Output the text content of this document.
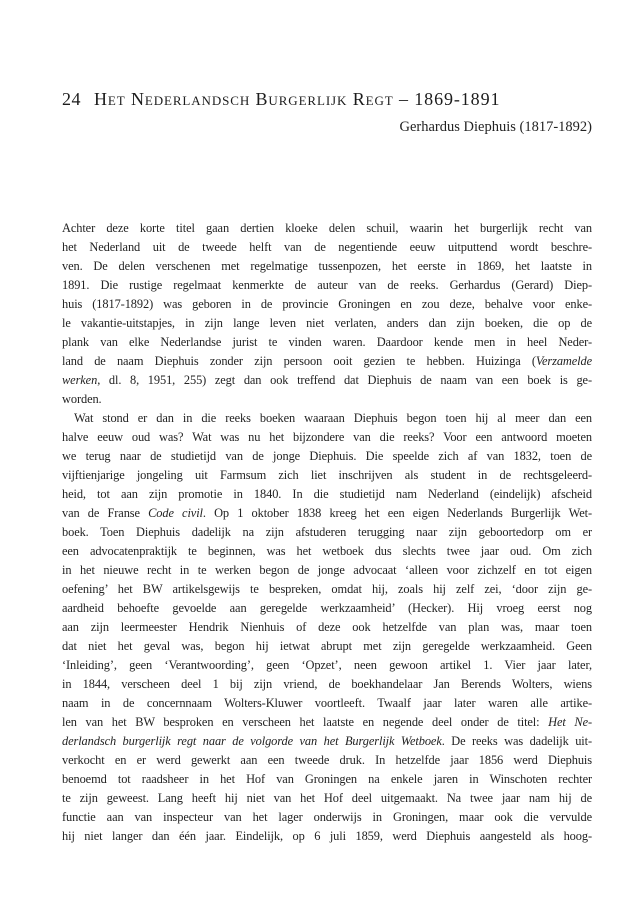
24 Het Nederlandsch Burgerlijk Regt – 1869-1891
Gerhardus Diephuis (1817-1892)
Achter deze korte titel gaan dertien kloeke delen schuil, waarin het burgerlijk recht van
het Nederland uit de tweede helft van de negentiende eeuw uitputtend wordt beschre-
ven. De delen verschenen met regelmatige tussenpozen, het eerste in 1869, het laatste in
1891. Die rustige regelmaat kenmerkte de auteur van de reeks. Gerhardus (Gerard) Diep-
huis (1817-1892) was geboren in de provincie Groningen en zou deze, behalve voor enke-
le vakantie-uitstapjes, in zijn lange leven niet verlaten, anders dan zijn boeken, die op de
plank van elke Nederlandse jurist te vinden waren. Daardoor kende men in heel Neder-
land de naam Diephuis zonder zijn persoon ooit gezien te hebben. Huizinga (Verzamelde
werken, dl. 8, 1951, 255) zegt dan ook treffend dat Diephuis de naam van een boek is ge-
worden.
Wat stond er dan in die reeks boeken waaraan Diephuis begon toen hij al meer dan een
halve eeuw oud was? Wat was nu het bijzondere van die reeks? Voor een antwoord moeten
we terug naar de studietijd van de jonge Diephuis. Die speelde zich af van 1832, toen de
vijftienjarige jongeling uit Farmsum zich liet inschrijven als student in de rechtsgeleerd-
heid, tot aan zijn promotie in 1840. In die studietijd nam Nederland (eindelijk) afscheid
van de Franse Code civil. Op 1 oktober 1838 kreeg het een eigen Nederlands Burgerlijk Wet-
boek. Toen Diephuis dadelijk na zijn afstuderen terugging naar zijn geboortedorp om er
een advocatenpraktijk te beginnen, was het wetboek dus slechts twee jaar oud. Om zich
in het nieuwe recht in te werken begon de jonge advocaat ‘alleen voor zichzelf en tot eigen
oefening’ het BW artikelsgewijs te bespreken, omdat hij, zoals hij zelf zei, ‘door zijn ge-
aardheid behoefte gevoelde aan geregelde werkzaamheid’ (Hecker). Hij vroeg eerst nog
aan zijn leermeester Hendrik Nienhuis of deze ook hetzelfde van plan was, maar toen
dat niet het geval was, begon hij ietwat abrupt met zijn geregelde werkzaamheid. Geen
‘Inleiding’, geen ‘Verantwoording’, geen ‘Opzet’, neen gewoon artikel 1. Vier jaar later,
in 1844, verscheen deel 1 bij zijn vriend, de boekhandelaar Jan Berends Wolters, wiens
naam in de concernnaam Wolters-Kluwer voortleeft. Twaalf jaar later waren alle artike-
len van het BW besproken en verscheen het laatste en negende deel onder de titel: Het Ne-
derlandsch burgerlijk regt naar de volgorde van het Burgerlijk Wetboek. De reeks was dadelijk uit-
verkocht en er werd gewerkt aan een tweede druk. In hetzelfde jaar 1856 werd Diephuis
benoemd tot raadsheer in het Hof van Groningen na enkele jaren in Winschoten rechter
te zijn geweest. Lang heeft hij niet van het Hof deel uitgemaakt. Na twee jaar nam hij de
functie aan van inspecteur van het lager onderwijs in Groningen, maar ook die vervulde
hij niet langer dan één jaar. Eindelijk, op 6 juli 1859, werd Diephuis aangesteld als hoog-
